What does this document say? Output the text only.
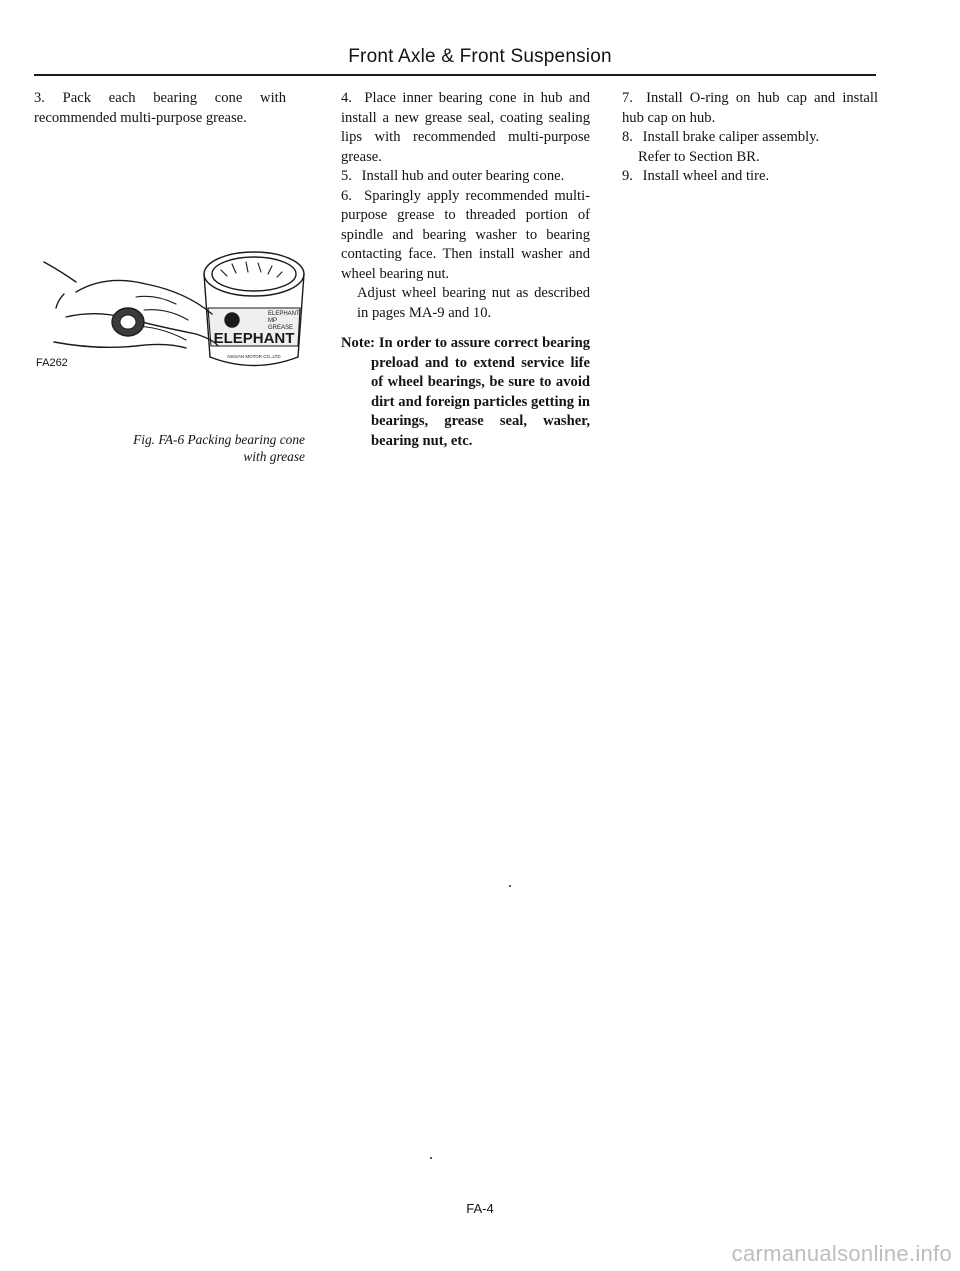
Front Axle & Front Suspension

3. Pack each bearing cone with recommended multi-purpose grease.

ELEPHANT
ELEPHANT
MP
GREASE
NISSAN MOTOR CO.,LTD
FA262
Fig. FA-6 Packing bearing cone
with grease

4. Place inner bearing cone in hub and install a new grease seal, coating sealing lips with recommended multi-purpose grease.

5. Install hub and outer bearing cone.

6. Sparingly apply recommended multi-purpose grease to threaded portion of spindle and bearing washer to bearing contacting face. Then install washer and wheel bearing nut.

Adjust wheel bearing nut as described in pages MA-9 and 10.

Note: In order to assure correct bearing preload and to extend service life of wheel bearings, be sure to avoid dirt and foreign particles getting in bearings, grease seal, washer, bearing nut, etc.

7. Install O-ring on hub cap and install hub cap on hub.

8. Install brake caliper assembly.

Refer to Section BR.

9. Install wheel and tire.

FA-4
carmanualsonline.info
